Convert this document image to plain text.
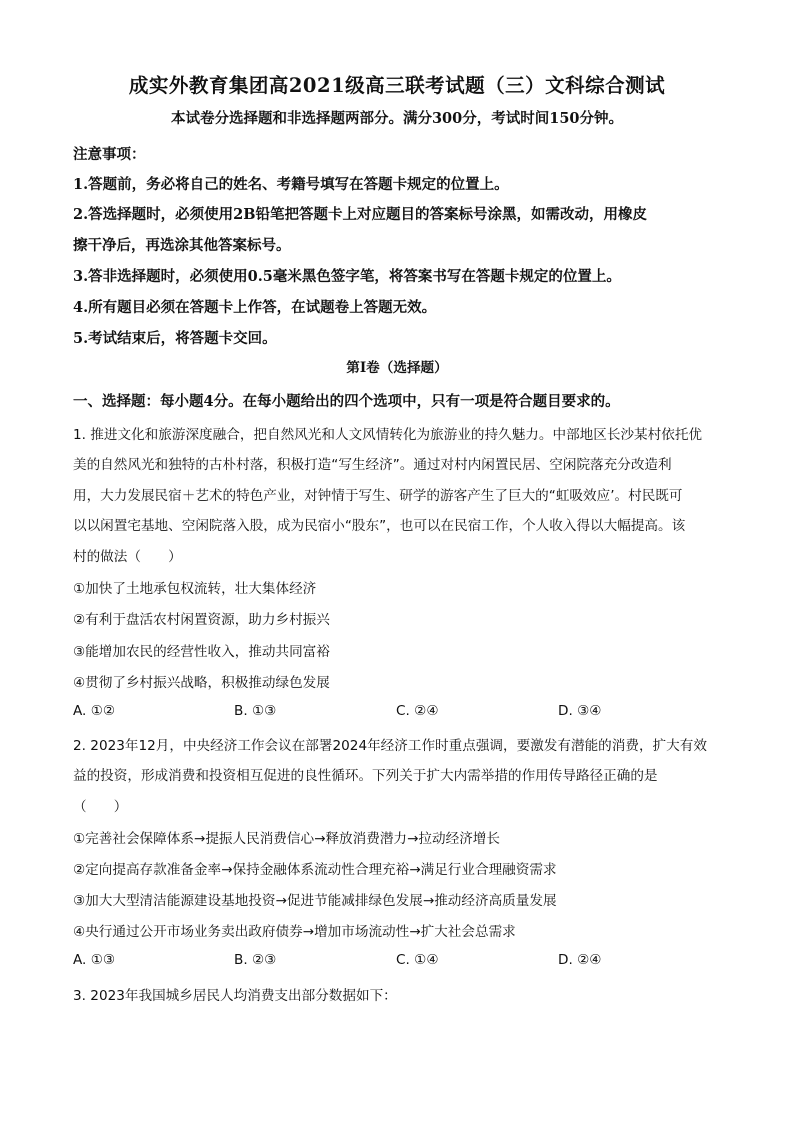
成实外教育集团高2021级高三联考试题（三）文科综合测试
本试卷分选择题和非选择题两部分。满分300分，考试时间150分钟。
注意事项：
1.答题前，务必将自己的姓名、考籍号填写在答题卡规定的位置上。
2.答选择题时，必须使用2B铅笔把答题卡上对应题目的答案标号涂黑，如需改动，用橡皮
擦干净后，再选涂其他答案标号。
3.答非选择题时，必须使用0.5毫米黑色签字笔，将答案书写在答题卡规定的位置上。
4.所有题目必须在答题卡上作答，在试题卷上答题无效。
5.考试结束后，将答题卡交回。
第Ⅰ卷（选择题）
一、选择题：每小题4分。在每小题给出的四个选项中，只有一项是符合题目要求的。
1. 推进文化和旅游深度融合，把自然风光和人文风情转化为旅游业的持久魅力。中部地区长沙某村依托优
美的自然风光和独特的古朴村落，积极打造“写生经济”。通过对村内闲置民居、空闲院落充分改造利
用，大力发展民宿＋艺术的特色产业，对钟情于写生、研学的游客产生了巨大的“虹吸效应’。村民既可
以以闲置宅基地、空闲院落入股，成为民宿小“股东”，也可以在民宿工作，个人收入得以大幅提高。该
村的做法（　　）
①加快了土地承包权流转，壮大集体经济
②有利于盘活农村闲置资源，助力乡村振兴
③能增加农民的经营性收入，推动共同富裕
④贯彻了乡村振兴战略，积极推动绿色发展
A. ①②	B. ①③	C. ②④	D. ③④
2. 2023年12月，中央经济工作会议在部署2024年经济工作时重点强调，要激发有潜能的消费，扩大有效
益的投资，形成消费和投资相互促进的良性循环。下列关于扩大内需举措的作用传导路径正确的是
（　　）
①完善社会保障体系→提振人民消费信心→释放消费潜力→拉动经济增长
②定向提高存款准备金率→保持金融体系流动性合理充裕→满足行业合理融资需求
③加大大型清洁能源建设基地投资→促进节能减排绿色发展→推动经济高质量发展
④央行通过公开市场业务卖出政府债券→增加市场流动性→扩大社会总需求
A. ①③	B. ②③	C. ①④	D. ②④
3. 2023年我国城乡居民人均消费支出部分数据如下：
